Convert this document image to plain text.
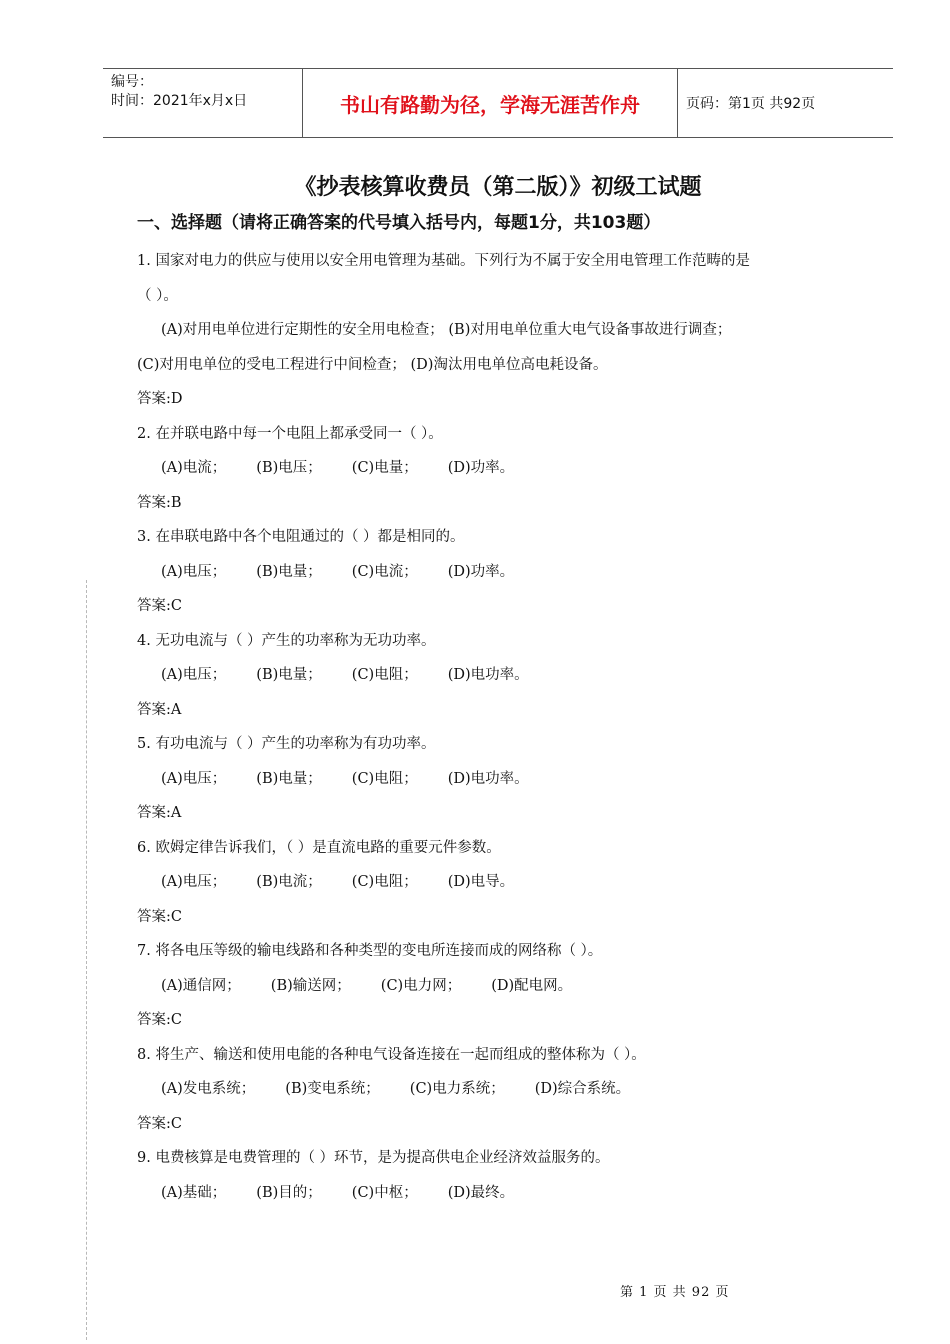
编号：
时间：2021年x月x日	书山有路勤为径，学海无涯苦作舟	页码：第1页 共92页
《抄表核算收费员（第二版）》初级工试题
一、选择题（请将正确答案的代号填入括号内，每题1分，共103题）
1. 国家对电力的供应与使用以安全用电管理为基础。下列行为不属于安全用电管理工作范畴的是
（ ）。
(A)对用电单位进行定期性的安全用电检查； (B)对用电单位重大电气设备事故进行调查；
(C)对用电单位的受电工程进行中间检查； (D)淘汰用电单位高电耗设备。
答案:D
2. 在并联电路中每一个电阻上都承受同一（ ）。
(A)电流； (B)电压； (C)电量； (D)功率。
答案:B
3. 在串联电路中各个电阻通过的（ ）都是相同的。
(A)电压； (B)电量； (C)电流； (D)功率。
答案:C
4. 无功电流与（ ）产生的功率称为无功功率。
(A)电压； (B)电量； (C)电阻； (D)电功率。
答案:A
5. 有功电流与（ ）产生的功率称为有功功率。
(A)电压； (B)电量； (C)电阻； (D)电功率。
答案:A
6. 欧姆定律告诉我们，（ ）是直流电路的重要元件参数。
(A)电压； (B)电流； (C)电阻； (D)电导。
答案:C
7. 将各电压等级的输电线路和各种类型的变电所连接而成的网络称（ ）。
(A)通信网； (B)输送网； (C)电力网； (D)配电网。
答案:C
8. 将生产、输送和使用电能的各种电气设备连接在一起而组成的整体称为（ ）。
(A)发电系统； (B)变电系统； (C)电力系统； (D)综合系统。
答案:C
9. 电费核算是电费管理的（ ）环节，是为提高供电企业经济效益服务的。
(A)基础； (B)目的； (C)中枢； (D)最终。
第 1 页 共 92 页
